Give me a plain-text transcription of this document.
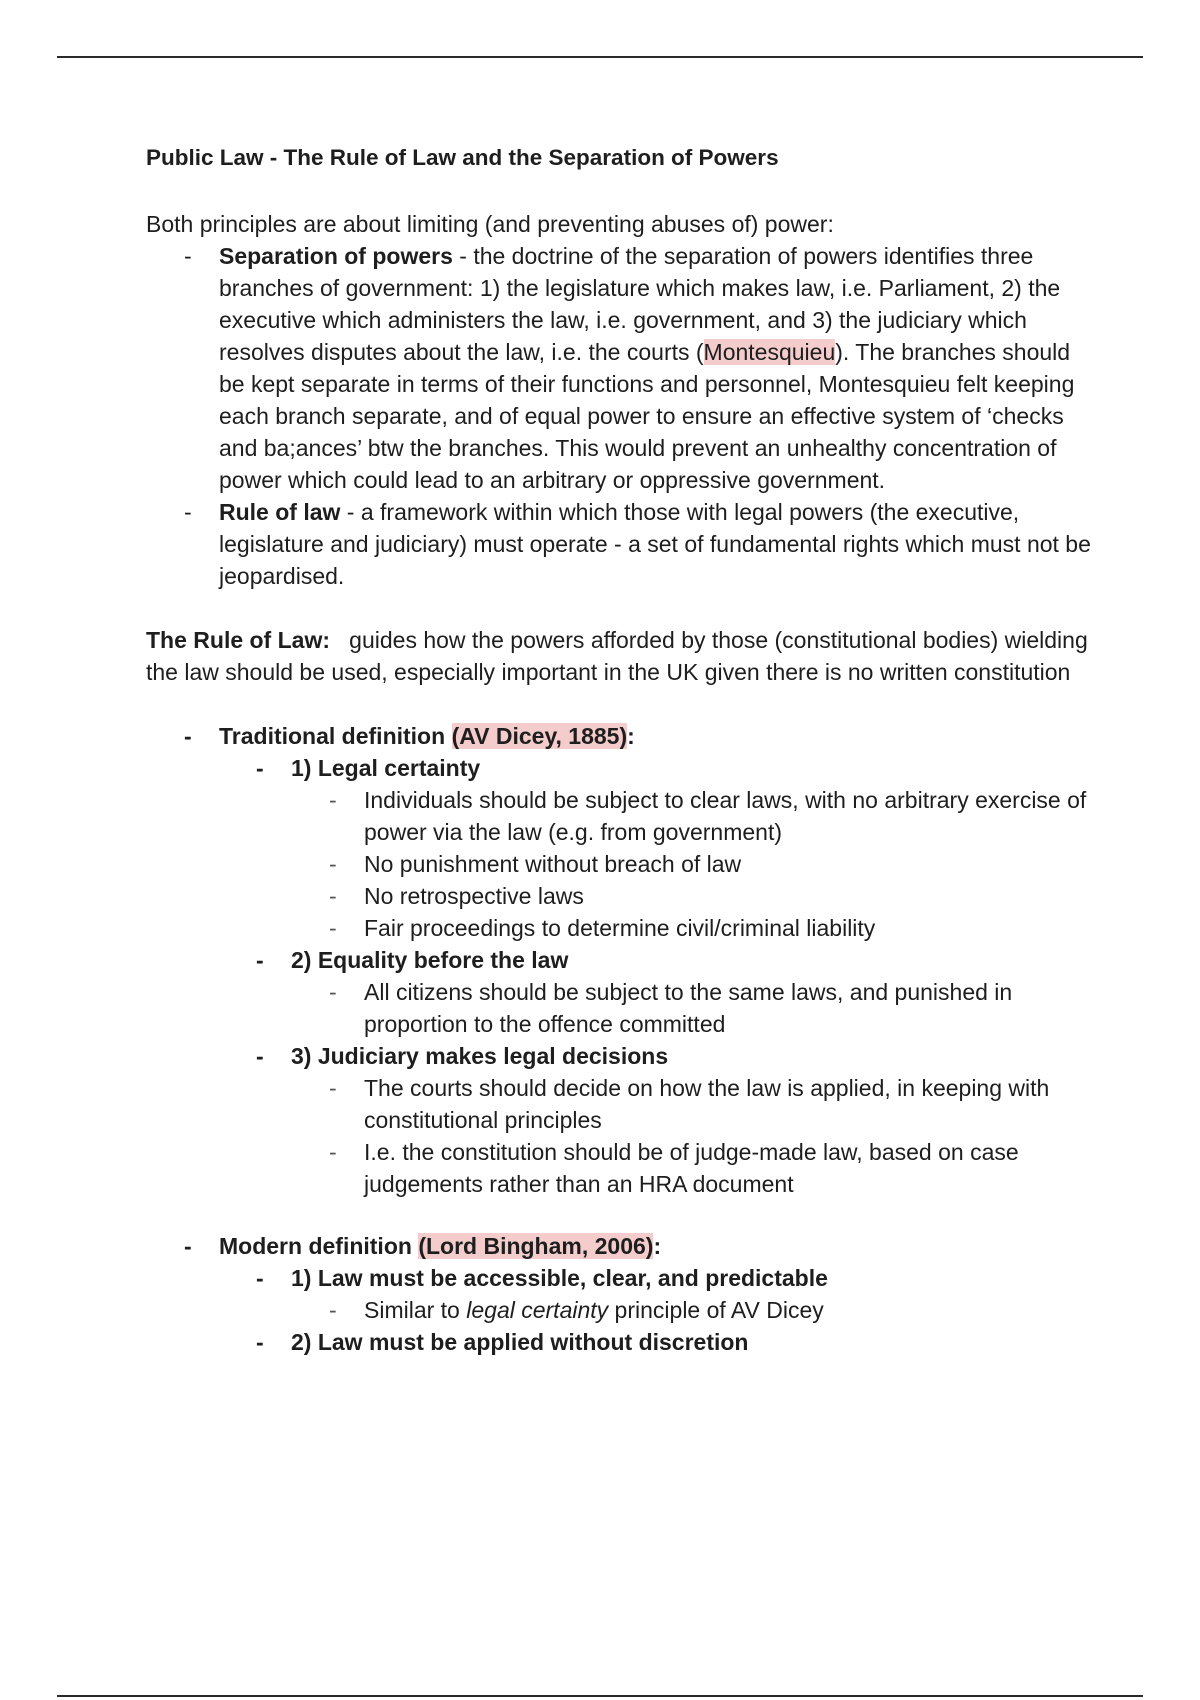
Public Law - The Rule of Law and the Separation of Powers

Both principles are about limiting (and preventing abuses of) power:

- Separation of powers - the doctrine of the separation of powers identifies three branches of government: 1) the legislature which makes law, i.e. Parliament, 2) the executive which administers the law, i.e. government, and 3) the judiciary which resolves disputes about the law, i.e. the courts (Montesquieu). The branches should be kept separate in terms of their functions and personnel, Montesquieu felt keeping each branch separate, and of equal power to ensure an effective system of ‘checks and ba;ances’ btw the branches. This would prevent an unhealthy concentration of power which could lead to an arbitrary or oppressive government.
- Rule of law - a framework within which those with legal powers (the executive, legislature and judiciary) must operate - a set of fundamental rights which must not be jeopardised.

The Rule of Law:   guides how the powers afforded by those (constitutional bodies) wielding the law should be used, especially important in the UK given there is no written constitution

- Traditional definition (AV Dicey, 1885):
- 1) Legal certainty
- Individuals should be subject to clear laws, with no arbitrary exercise of power via the law (e.g. from government)
- No punishment without breach of law
- No retrospective laws
- Fair proceedings to determine civil/criminal liability
- 2) Equality before the law
- All citizens should be subject to the same laws, and punished in proportion to the offence committed
- 3) Judiciary makes legal decisions
- The courts should decide on how the law is applied, in keeping with constitutional principles
- I.e. the constitution should be of judge-made law, based on case judgements rather than an HRA document
- Modern definition (Lord Bingham, 2006):
- 1) Law must be accessible, clear, and predictable
- Similar to legal certainty principle of AV Dicey
- 2) Law must be applied without discretion
